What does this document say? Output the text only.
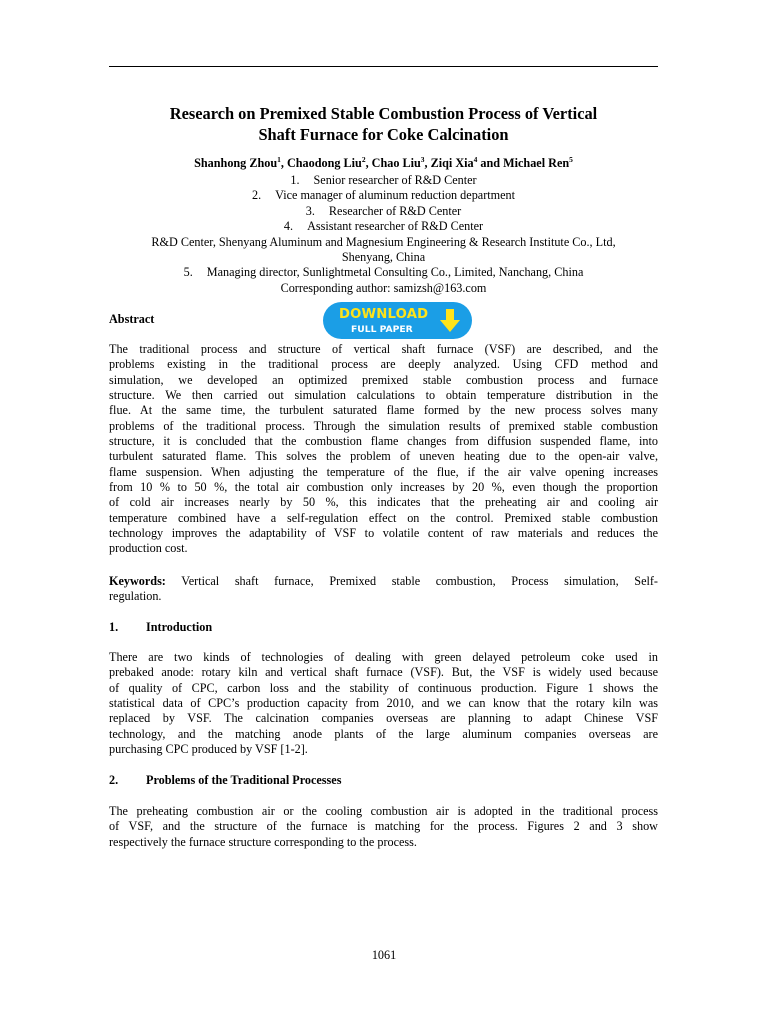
Research on Premixed Stable Combustion Process of Vertical
Shaft Furnace for Coke Calcination
Shanhong Zhou$^1$, Chaodong Liu$^2$, Chao Liu$^3$, Ziqi Xia$^4$ and Michael Ren$^5$
1. Senior researcher of R&D Center
2. Vice manager of aluminum reduction department
3. Researcher of R&D Center
4. Assistant researcher of R&D Center
R&D Center, Shenyang Aluminum and Magnesium Engineering & Research Institute Co., Ltd,
Shenyang, China
5. Managing director, Sunlightmetal Consulting Co., Limited, Nanchang, China
Corresponding author: samizsh@163.com
Abstract	DOWNLOAD
FULL PAPER
The traditional process and structure of vertical shaft furnace (VSF) are described, and the
problems existing in the traditional process are deeply analyzed. Using CFD method and
simulation, we developed an optimized premixed stable combustion process and furnace
structure. We then carried out simulation calculations to obtain temperature distribution in the
flue. At the same time, the turbulent saturated flame formed by the new process solves many
problems of the traditional process. Through the simulation results of premixed stable combustion
structure, it is concluded that the combustion flame changes from diffusion suspended flame, into
turbulent saturated flame. This solves the problem of uneven heating due to the open-air valve,
flame suspension. When adjusting the temperature of the flue, if the air valve opening increases
from 10 % to 50 %, the total air combustion only increases by 20 %, even though the proportion
of cold air increases nearly by 50 %, this indicates that the preheating air and cooling air
temperature combined have a self-regulation effect on the control. Premixed stable combustion
technology improves the adaptability of VSF to volatile content of raw materials and reduces the
production cost.
Keywords: Vertical shaft furnace, Premixed stable combustion, Process simulation, Self-
regulation.
1. Introduction
There are two kinds of technologies of dealing with green delayed petroleum coke used in
prebaked anode: rotary kiln and vertical shaft furnace (VSF). But, the VSF is widely used because
of quality of CPC, carbon loss and the stability of continuous production. Figure 1 shows the
statistical data of CPC’s production capacity from 2010, and we can know that the rotary kiln was
replaced by VSF. The calcination companies overseas are planning to adapt Chinese VSF
technology, and the matching anode plants of the large aluminum companies overseas are
purchasing CPC produced by VSF [1-2].
2. Problems of the Traditional Processes
The preheating combustion air or the cooling combustion air is adopted in the traditional process
of VSF, and the structure of the furnace is matching for the process. Figures 2 and 3 show
respectively the furnace structure corresponding to the process.
1061
